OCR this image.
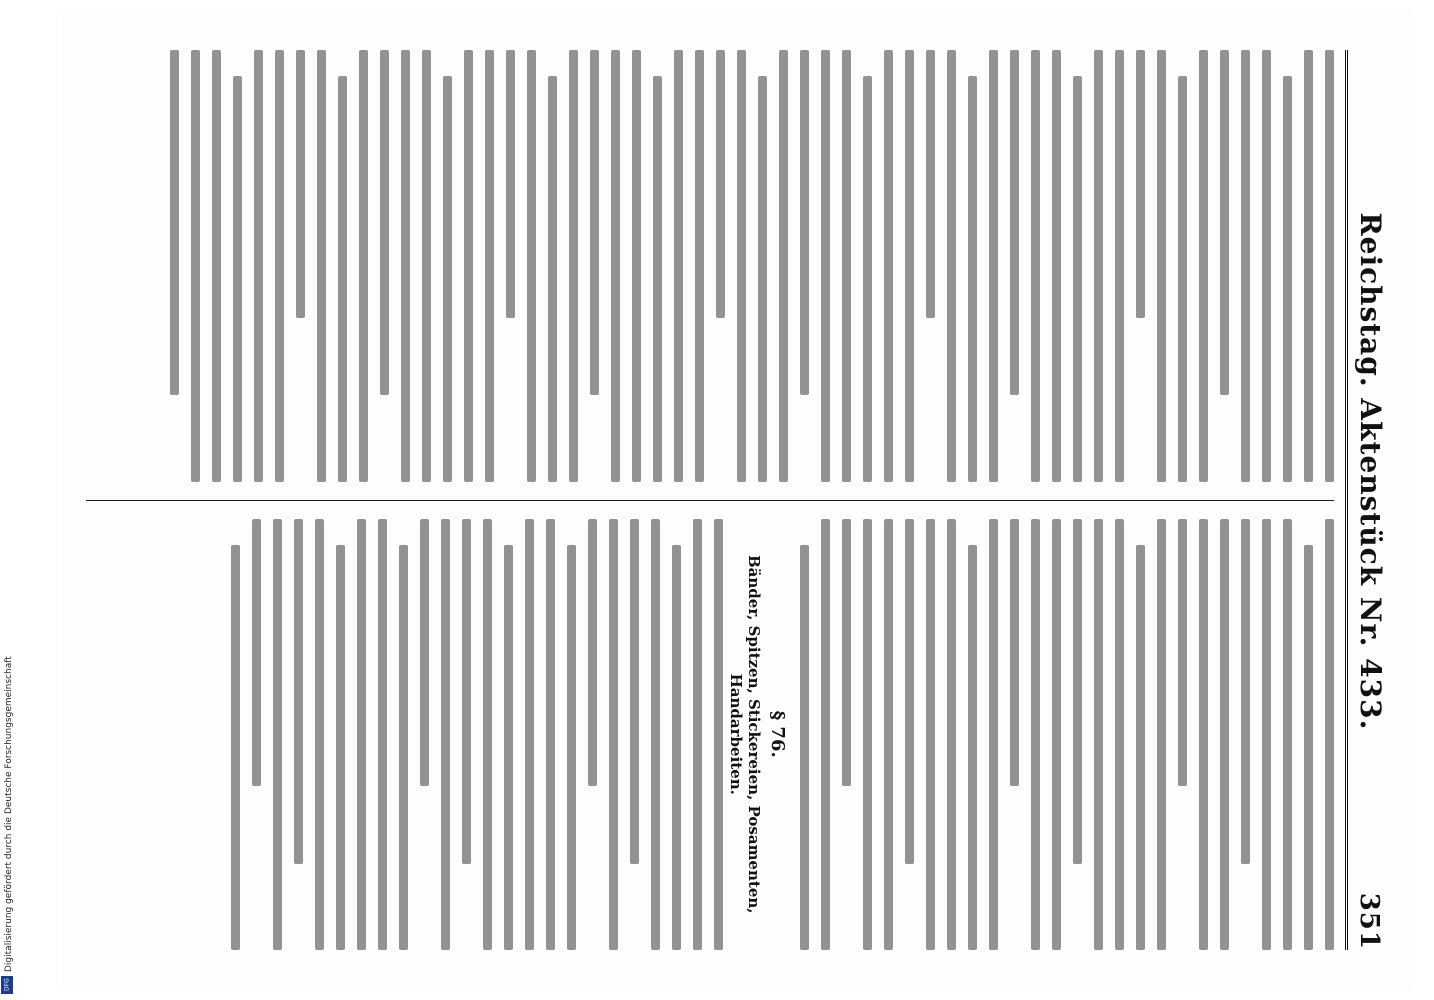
Digitalisierung gefördert durch die Deutsche Forschungsgemeinschaft
DFG
Reichstag. Aktenstück Nr. 433.
351
§ 76.
Bänder, Spitzen, Stickereien, Posamenten, Handarbeiten.
